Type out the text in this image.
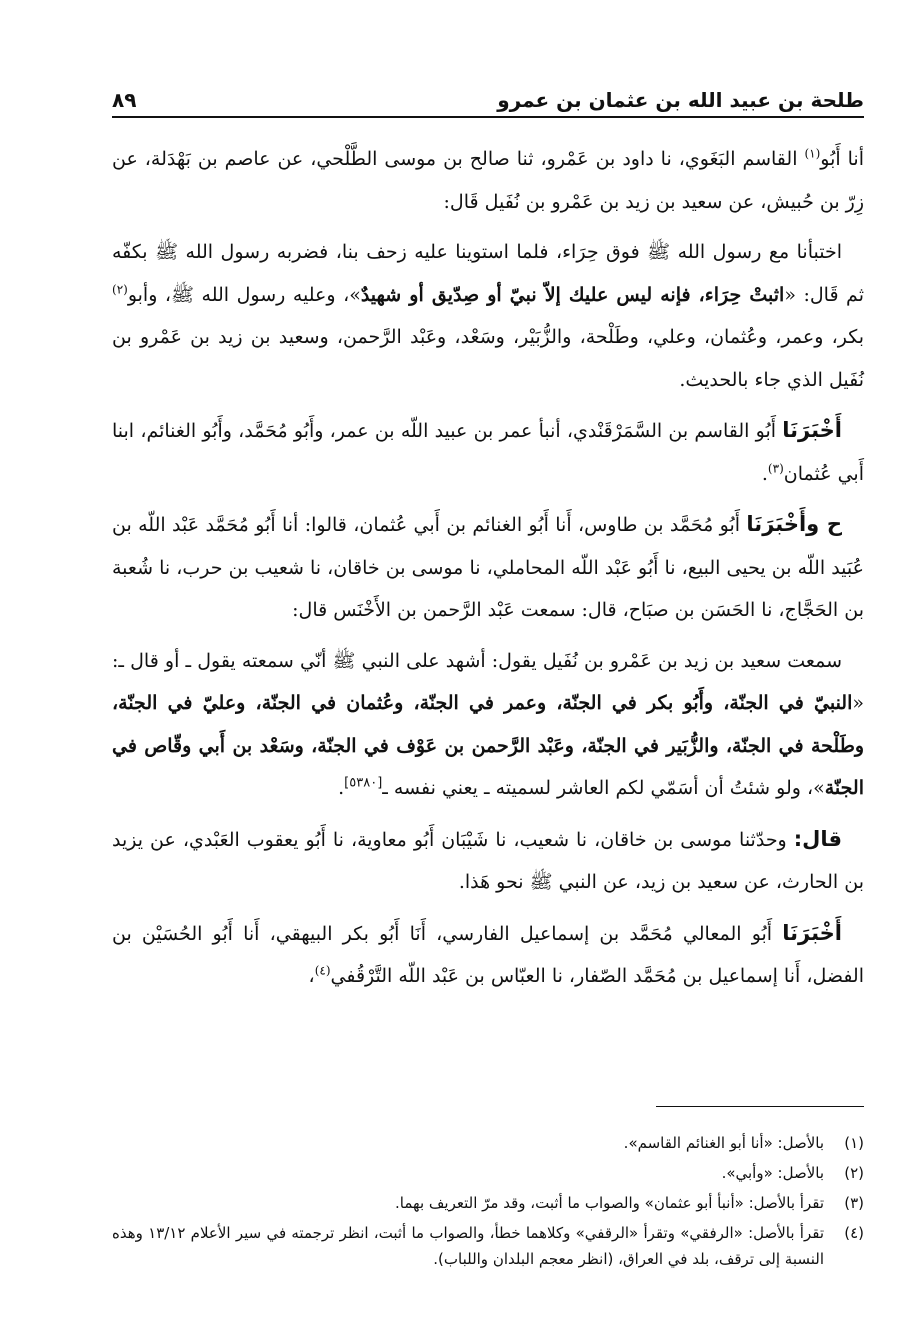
طلحة بن عبيد الله بن عثمان بن عمرو
٨٩

أنا أَبُو$^{(١)}$ القاسم البَغَوي، نا داود بن عَمْرو، ثنا صالح بن موسى الطَّلْحي، عن عاصم بن بَهْدَلة، عن زِرّ بن حُبيش، عن سعيد بن زيد بن عَمْرو بن نُفَيل قَال:

اختبأنا مع رسول الله ﷺ فوق حِرَاء، فلما استوينا عليه زحف بنا، فضربه رسول الله ﷺ بكفّه ثم قَال: «اثبتْ حِرَاء، فإنه ليس عليك إلاّ نبيّ أو صِدّيق أو شهيدٌ»، وعليه رسول الله ﷺ، وأبو$^{(٢)}$ بكر، وعمر، وعُثمان، وعلي، وطَلْحة، والزُّبَيْر، وسَعْد، وعَبْد الرَّحمن، وسعيد بن زيد بن عَمْرو بن نُفَيل الذي جاء بالحديث.

أَخْبَرَنَا أَبُو القاسم بن السَّمَرْقَنْدي، أنبأ عمر بن عبيد اللّه بن عمر، وأَبُو مُحَمَّد، وأَبُو الغنائم، ابنا أَبي عُثمان$^{(٣)}$.

ح وأَخْبَرَنَا أَبُو مُحَمَّد بن طاوس، أَنا أَبُو الغنائم بن أَبي عُثمان، قالوا: أنا أَبُو مُحَمَّد عَبْد اللّه بن عُبَيد اللّه بن يحيى البيع، نا أَبُو عَبْد اللّه المحاملي، نا موسى بن خاقان، نا شعيب بن حرب، نا شُعبة بن الحَجَّاج، نا الحَسَن بن صبَاح، قال: سمعت عَبْد الرَّحمن بن الأَخْنَس قال:

سمعت سعيد بن زيد بن عَمْرو بن نُفَيل يقول: أشهد على النبي ﷺ أنّي سمعته يقول ـ أو قال ـ: «النبيّ في الجنّة، وأَبُو بكر في الجنّة، وعمر في الجنّة، وعُثمان في الجنّة، وعليّ في الجنّة، وطَلْحة في الجنّة، والزُّبَير في الجنّة، وعَبْد الرَّحمن بن عَوْف في الجنّة، وسَعْد بن أَبي وقّاص في الجنّة»، ولو شئتُ أن أسَمّي لكم العاشر لسميته ـ يعني نفسه ـ[٥٣٨٠].

قال: وحدّثنا موسى بن خاقان، نا شعيب، نا شَيْبَان أَبُو معاوية، نا أَبُو يعقوب العَبْدي، عن يزيد بن الحارث، عن سعيد بن زيد، عن النبي ﷺ نحو هَذا.

أَخْبَرَنَا أَبُو المعالي مُحَمَّد بن إسماعيل الفارسي، أَنَا أَبُو بكر البيهقي، أَنا أَبُو الحُسَيْن بن الفضل، أَنا إسماعيل بن مُحَمَّد الصّفار، نا العبّاس بن عَبْد اللّه التَّرْقُفي$^{(٤)}$،

(١)
بالأصل: «أنا أبو الغنائم القاسم».
(٢)
بالأصل: «وأبي».
(٣)
تقرأ بالأصل: «أنبأ أبو عثمان» والصواب ما أثبت، وقد مرّ التعريف بهما.
(٤)
تقرأ بالأصل: «الرفقي» وتقرأ «الرقفي» وكلاهما خطأ، والصواب ما أثبت، انظر ترجمته في سير الأعلام ١٣/١٢ وهذه النسبة إلى ترقف، بلد في العراق، (انظر معجم البلدان واللباب).
